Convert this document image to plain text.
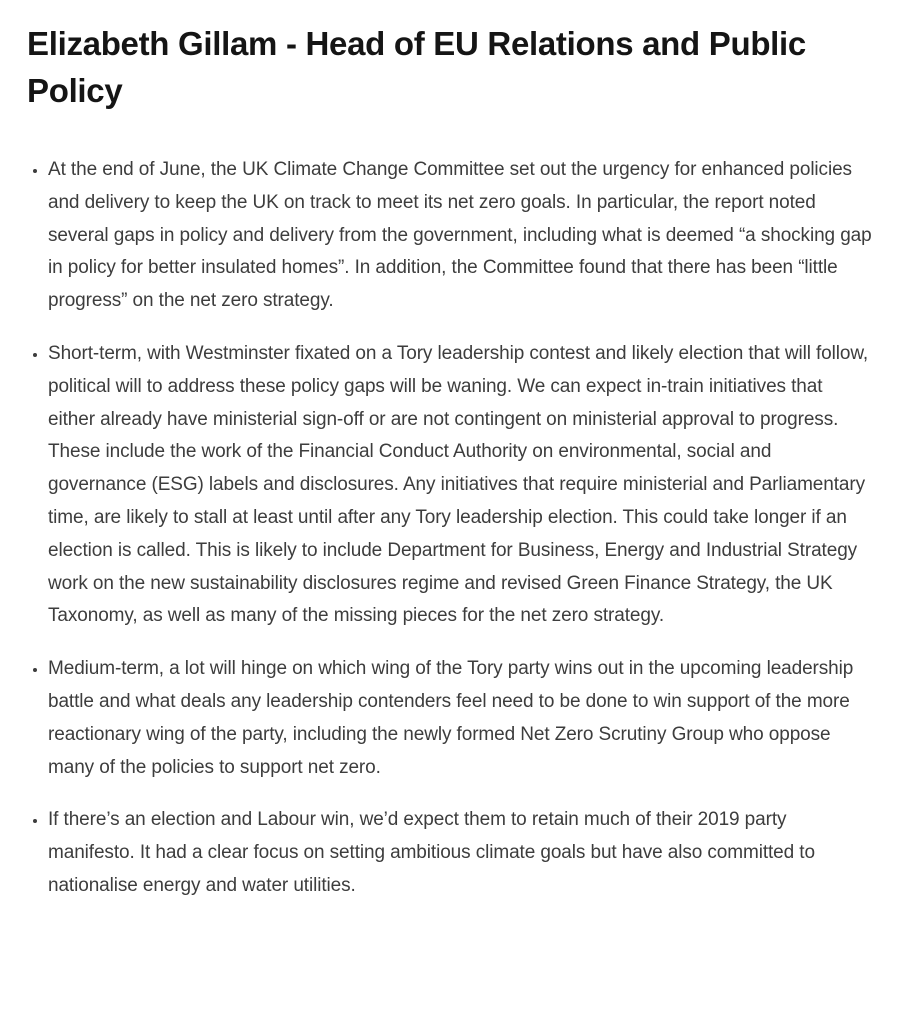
Elizabeth Gillam - Head of EU Relations and Public Policy
• At the end of June, the UK Climate Change Committee set out the urgency for enhanced policies and delivery to keep the UK on track to meet its net zero goals. In particular, the report noted several gaps in policy and delivery from the government, including what is deemed “a shocking gap in policy for better insulated homes”. In addition, the Committee found that there has been “little progress” on the net zero strategy.
• Short-term, with Westminster fixated on a Tory leadership contest and likely election that will follow, political will to address these policy gaps will be waning. We can expect in-train initiatives that either already have ministerial sign-off or are not contingent on ministerial approval to progress. These include the work of the Financial Conduct Authority on environmental, social and governance (ESG) labels and disclosures. Any initiatives that require ministerial and Parliamentary time, are likely to stall at least until after any Tory leadership election. This could take longer if an election is called. This is likely to include Department for Business, Energy and Industrial Strategy work on the new sustainability disclosures regime and revised Green Finance Strategy, the UK Taxonomy, as well as many of the missing pieces for the net zero strategy.
• Medium-term, a lot will hinge on which wing of the Tory party wins out in the upcoming leadership battle and what deals any leadership contenders feel need to be done to win support of the more reactionary wing of the party, including the newly formed Net Zero Scrutiny Group who oppose many of the policies to support net zero.
• If there’s an election and Labour win, we’d expect them to retain much of their 2019 party manifesto. It had a clear focus on setting ambitious climate goals but have also committed to nationalise energy and water utilities.
